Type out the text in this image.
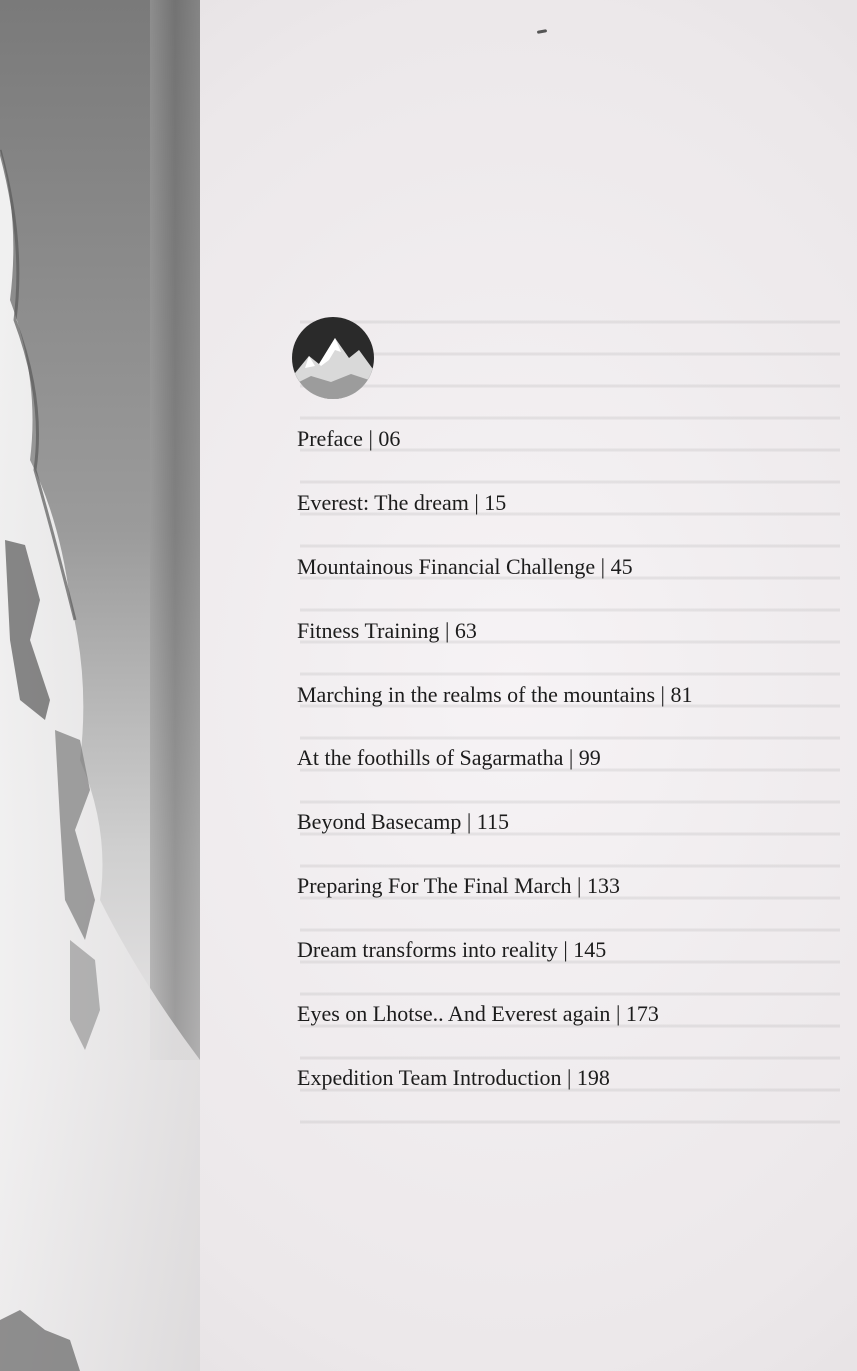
Preface | 06
Everest: The dream | 15
Mountainous Financial Challenge | 45
Fitness Training | 63
Marching in the realms of the mountains | 81
At the foothills of Sagarmatha | 99
Beyond Basecamp | 115
Preparing For The Final March | 133
Dream transforms into reality | 145
Eyes on Lhotse.. And Everest again | 173
Expedition Team Introduction | 198
